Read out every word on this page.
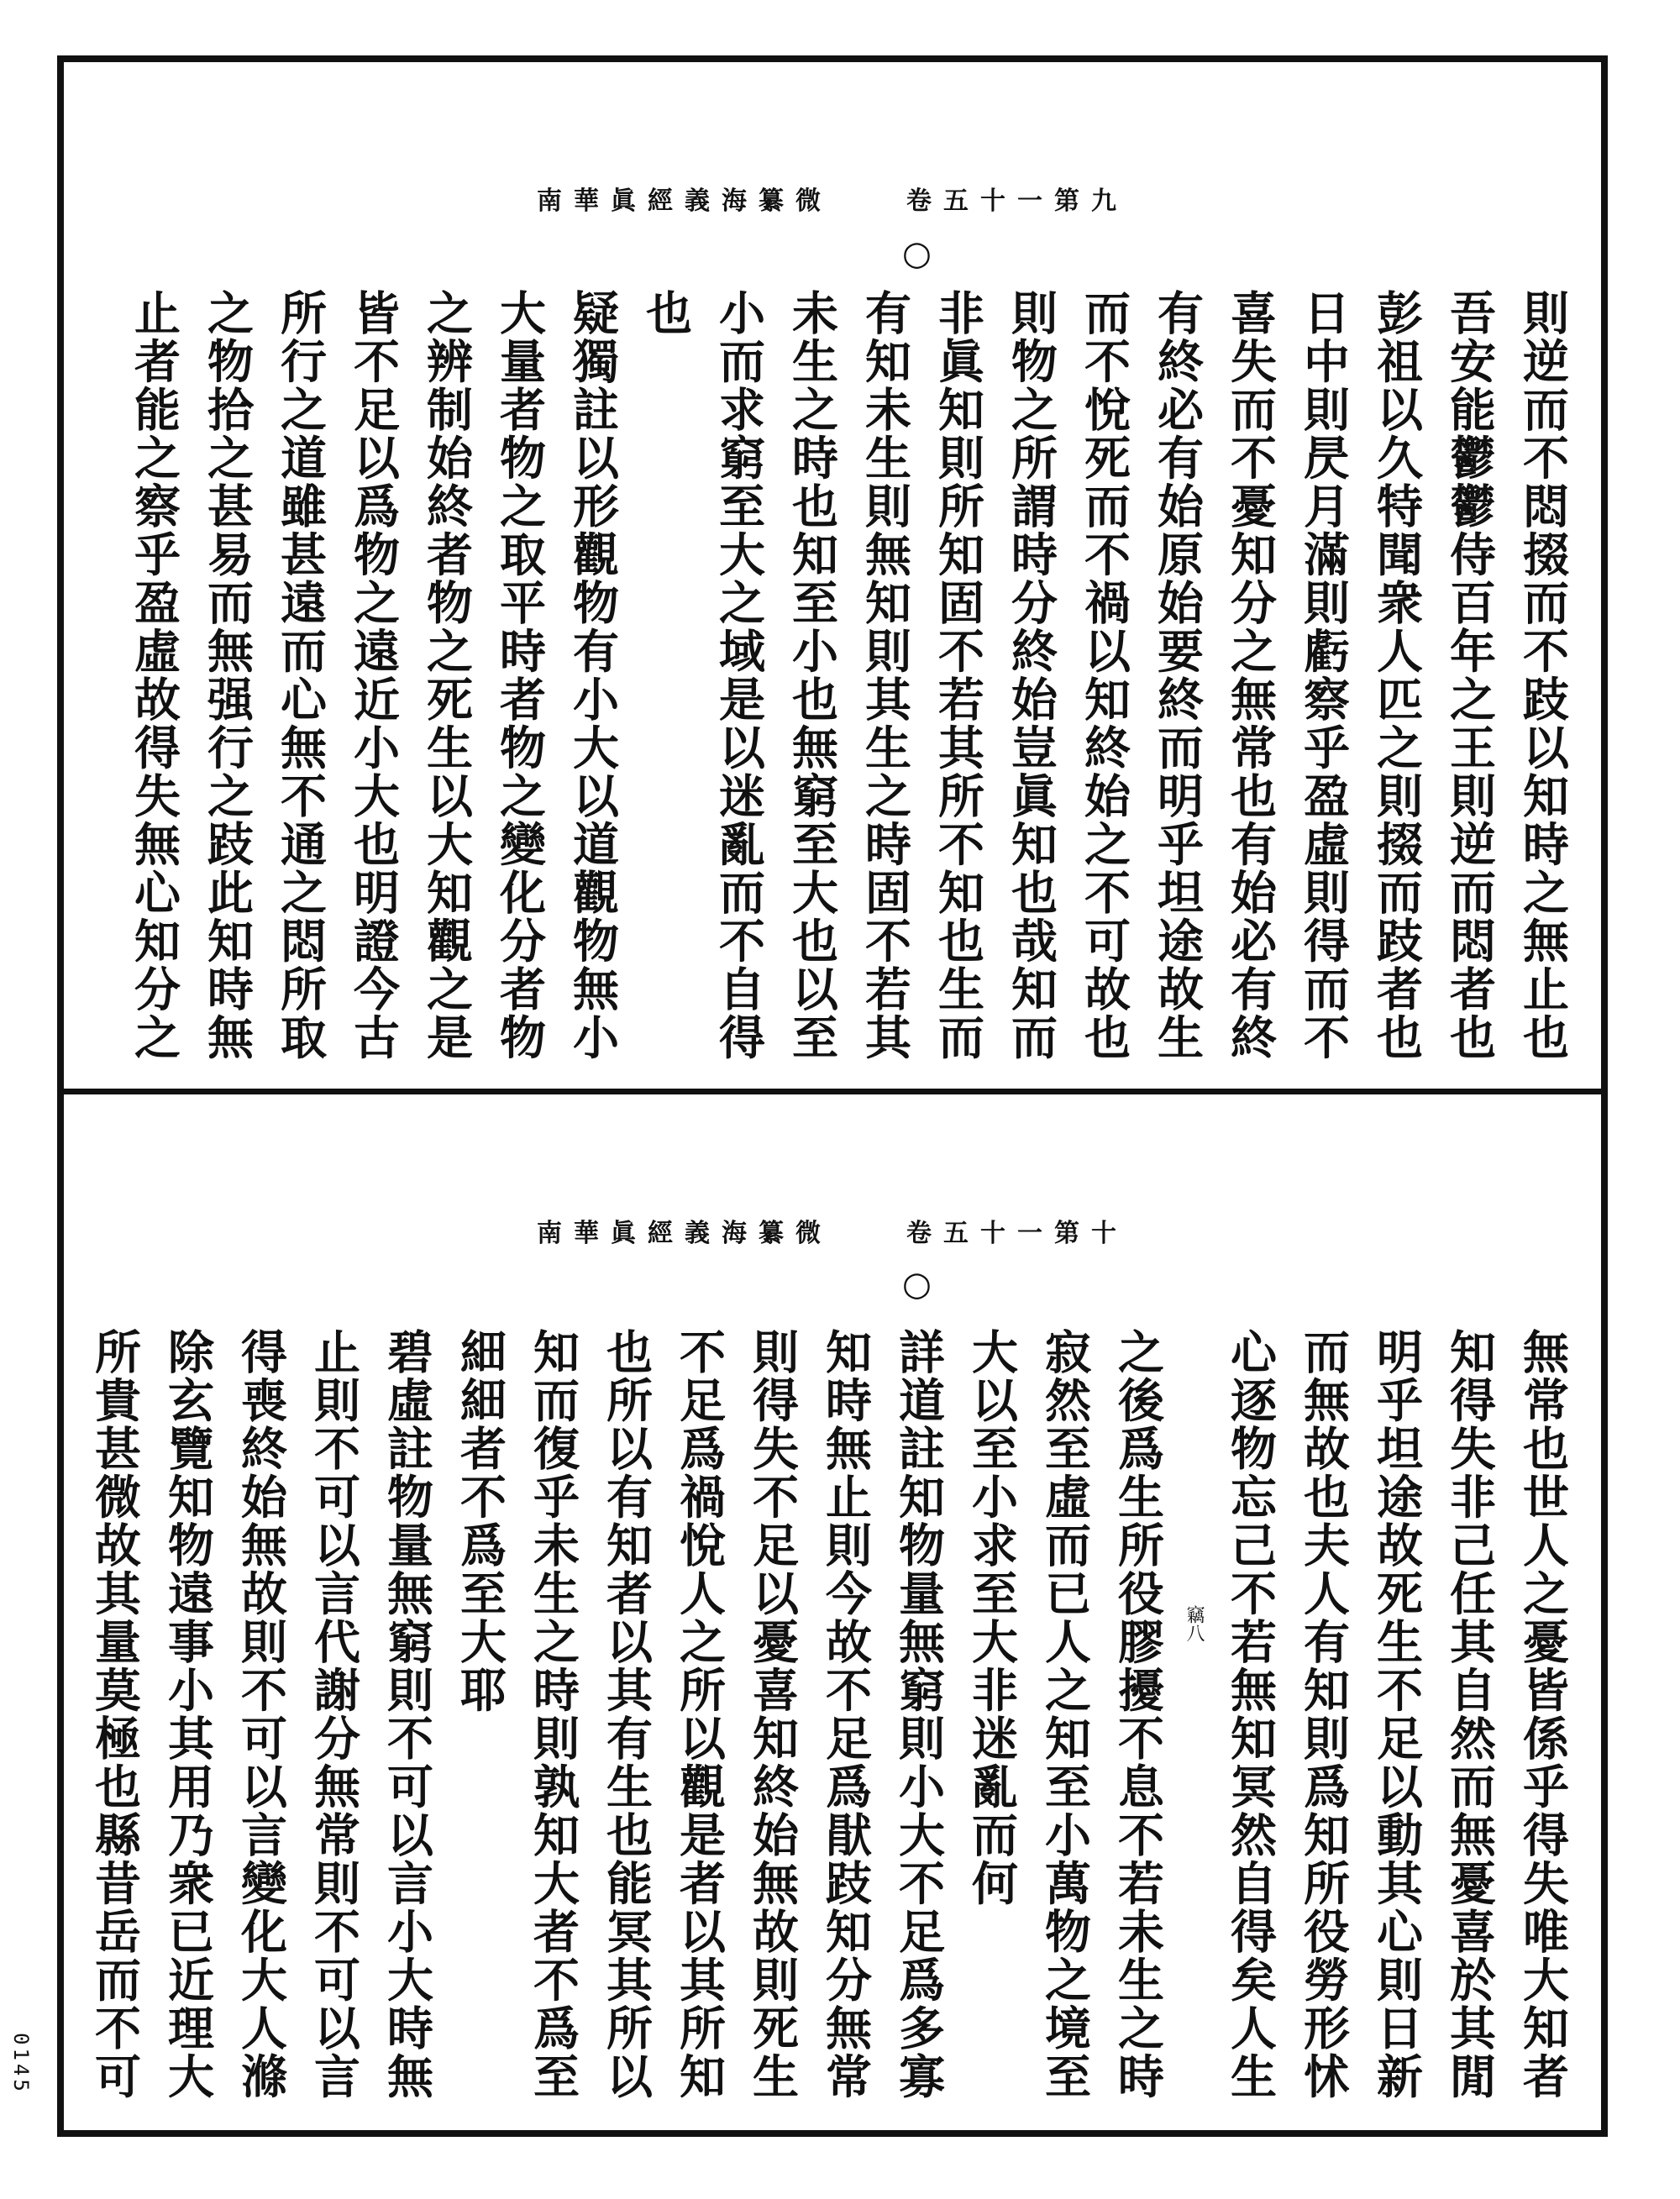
南華眞經義海纂微　　卷五十一第九
○
則逆而不悶掇而不跂以知時之無止也
吾安能鬱鬱侍百年之王則逆而悶者也
彭祖以久特聞衆人匹之則掇而跂者也
日中則昃月滿則虧察乎盈虛則得而不
喜失而不憂知分之無常也有始必有終
有終必有始原始要終而明乎坦途故生
而不悅死而不禍以知終始之不可故也
則物之所謂時分終始豈眞知也哉知而
非眞知則所知固不若其所不知也生而
有知未生則無知則其生之時固不若其
未生之時也知至小也無窮至大也以至
小而求窮至大之域是以迷亂而不自得
也
疑獨註以形觀物有小大以道觀物無小
大量者物之取平時者物之變化分者物
之辨制始終者物之死生以大知觀之是
皆不足以爲物之遠近小大也明證今古
所行之道雖甚遠而心無不通之悶所取
之物拾之甚易而無强行之跂此知時無
止者能之察乎盈虛故得失無心知分之
南華眞經義海纂微　　卷五十一第十
○
無常也世人之憂皆係乎得失唯大知者
知得失非己任其自然而無憂喜於其閒
明乎坦途故死生不足以動其心則日新
而無故也夫人有知則爲知所役勞形怵
心逐物忘己不若無知冥然自得矣人生
竊八
之後爲生所役膠擾不息不若未生之時
寂然至虛而已人之知至小萬物之境至
大以至小求至大非迷亂而何
詳道註知物量無窮則小大不足爲多寡
知時無止則今故不足爲猒跂知分無常
則得失不足以憂喜知終始無故則死生
不足爲禍悅人之所以觀是者以其所知
也所以有知者以其有生也能冥其所以
知而復乎未生之時則孰知大者不爲至
細細者不爲至大耶
碧虛註物量無窮則不可以言小大時無
止則不可以言代謝分無常則不可以言
得喪終始無故則不可以言變化大人滌
除玄覽知物遠事小其用乃衆已近理大
所貴甚微故其量莫極也縣昔岳而不可
0145
